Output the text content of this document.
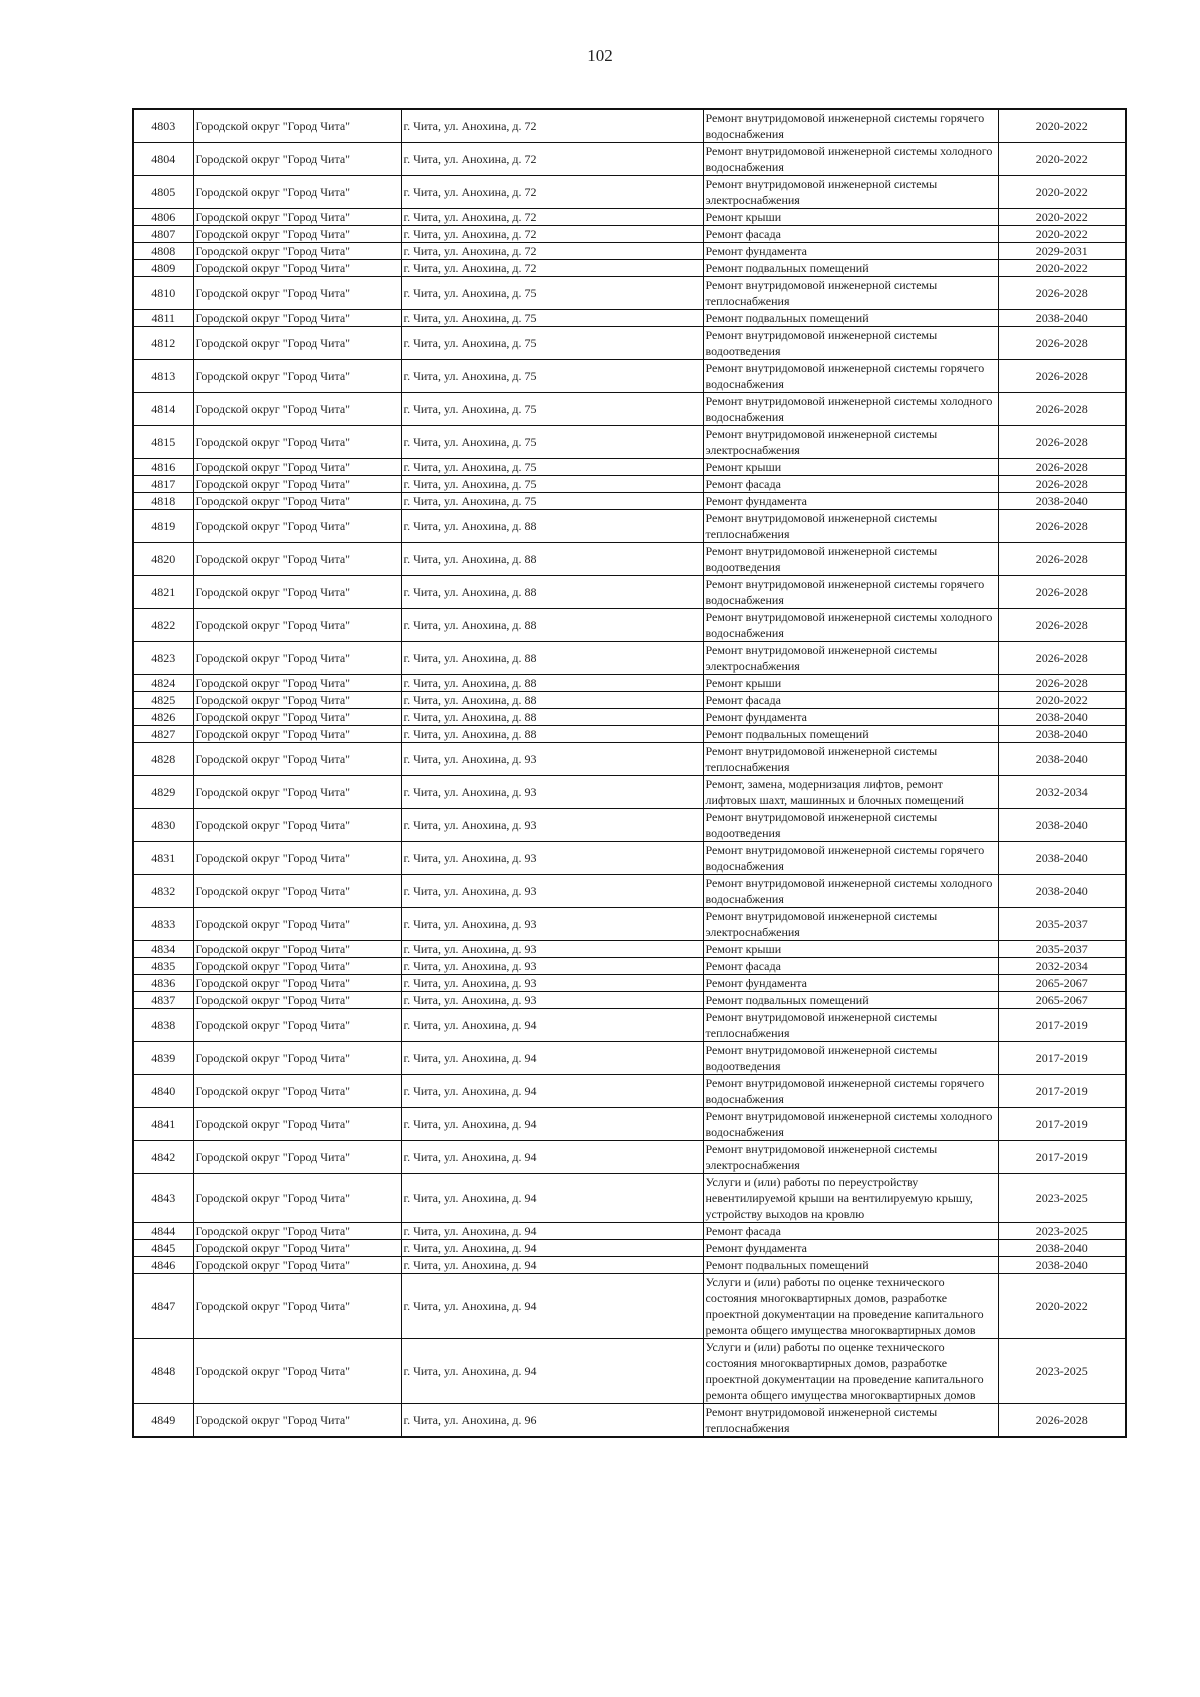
102
4803	Городской округ "Город Чита"	г. Чита, ул. Анохина, д. 72	Ремонт внутридомовой инженерной системы горячего водоснабжения	2020-2022
4804	Городской округ "Город Чита"	г. Чита, ул. Анохина, д. 72	Ремонт внутридомовой инженерной системы холодного водоснабжения	2020-2022
4805	Городской округ "Город Чита"	г. Чита, ул. Анохина, д. 72	Ремонт внутридомовой инженерной системы электроснабжения	2020-2022
4806	Городской округ "Город Чита"	г. Чита, ул. Анохина, д. 72	Ремонт крыши	2020-2022
4807	Городской округ "Город Чита"	г. Чита, ул. Анохина, д. 72	Ремонт фасада	2020-2022
4808	Городской округ "Город Чита"	г. Чита, ул. Анохина, д. 72	Ремонт фундамента	2029-2031
4809	Городской округ "Город Чита"	г. Чита, ул. Анохина, д. 72	Ремонт подвальных помещений	2020-2022
4810	Городской округ "Город Чита"	г. Чита, ул. Анохина, д. 75	Ремонт внутридомовой инженерной системы теплоснабжения	2026-2028
4811	Городской округ "Город Чита"	г. Чита, ул. Анохина, д. 75	Ремонт подвальных помещений	2038-2040
4812	Городской округ "Город Чита"	г. Чита, ул. Анохина, д. 75	Ремонт внутридомовой инженерной системы водоотведения	2026-2028
4813	Городской округ "Город Чита"	г. Чита, ул. Анохина, д. 75	Ремонт внутридомовой инженерной системы горячего водоснабжения	2026-2028
4814	Городской округ "Город Чита"	г. Чита, ул. Анохина, д. 75	Ремонт внутридомовой инженерной системы холодного водоснабжения	2026-2028
4815	Городской округ "Город Чита"	г. Чита, ул. Анохина, д. 75	Ремонт внутридомовой инженерной системы электроснабжения	2026-2028
4816	Городской округ "Город Чита"	г. Чита, ул. Анохина, д. 75	Ремонт крыши	2026-2028
4817	Городской округ "Город Чита"	г. Чита, ул. Анохина, д. 75	Ремонт фасада	2026-2028
4818	Городской округ "Город Чита"	г. Чита, ул. Анохина, д. 75	Ремонт фундамента	2038-2040
4819	Городской округ "Город Чита"	г. Чита, ул. Анохина, д. 88	Ремонт внутридомовой инженерной системы теплоснабжения	2026-2028
4820	Городской округ "Город Чита"	г. Чита, ул. Анохина, д. 88	Ремонт внутридомовой инженерной системы водоотведения	2026-2028
4821	Городской округ "Город Чита"	г. Чита, ул. Анохина, д. 88	Ремонт внутридомовой инженерной системы горячего водоснабжения	2026-2028
4822	Городской округ "Город Чита"	г. Чита, ул. Анохина, д. 88	Ремонт внутридомовой инженерной системы холодного водоснабжения	2026-2028
4823	Городской округ "Город Чита"	г. Чита, ул. Анохина, д. 88	Ремонт внутридомовой инженерной системы электроснабжения	2026-2028
4824	Городской округ "Город Чита"	г. Чита, ул. Анохина, д. 88	Ремонт крыши	2026-2028
4825	Городской округ "Город Чита"	г. Чита, ул. Анохина, д. 88	Ремонт фасада	2020-2022
4826	Городской округ "Город Чита"	г. Чита, ул. Анохина, д. 88	Ремонт фундамента	2038-2040
4827	Городской округ "Город Чита"	г. Чита, ул. Анохина, д. 88	Ремонт подвальных помещений	2038-2040
4828	Городской округ "Город Чита"	г. Чита, ул. Анохина, д. 93	Ремонт внутридомовой инженерной системы теплоснабжения	2038-2040
4829	Городской округ "Город Чита"	г. Чита, ул. Анохина, д. 93	Ремонт, замена, модернизация лифтов, ремонт лифтовых шахт, машинных и блочных помещений	2032-2034
4830	Городской округ "Город Чита"	г. Чита, ул. Анохина, д. 93	Ремонт внутридомовой инженерной системы водоотведения	2038-2040
4831	Городской округ "Город Чита"	г. Чита, ул. Анохина, д. 93	Ремонт внутридомовой инженерной системы горячего водоснабжения	2038-2040
4832	Городской округ "Город Чита"	г. Чита, ул. Анохина, д. 93	Ремонт внутридомовой инженерной системы холодного водоснабжения	2038-2040
4833	Городской округ "Город Чита"	г. Чита, ул. Анохина, д. 93	Ремонт внутридомовой инженерной системы электроснабжения	2035-2037
4834	Городской округ "Город Чита"	г. Чита, ул. Анохина, д. 93	Ремонт крыши	2035-2037
4835	Городской округ "Город Чита"	г. Чита, ул. Анохина, д. 93	Ремонт фасада	2032-2034
4836	Городской округ "Город Чита"	г. Чита, ул. Анохина, д. 93	Ремонт фундамента	2065-2067
4837	Городской округ "Город Чита"	г. Чита, ул. Анохина, д. 93	Ремонт подвальных помещений	2065-2067
4838	Городской округ "Город Чита"	г. Чита, ул. Анохина, д. 94	Ремонт внутридомовой инженерной системы теплоснабжения	2017-2019
4839	Городской округ "Город Чита"	г. Чита, ул. Анохина, д. 94	Ремонт внутридомовой инженерной системы водоотведения	2017-2019
4840	Городской округ "Город Чита"	г. Чита, ул. Анохина, д. 94	Ремонт внутридомовой инженерной системы горячего водоснабжения	2017-2019
4841	Городской округ "Город Чита"	г. Чита, ул. Анохина, д. 94	Ремонт внутридомовой инженерной системы холодного водоснабжения	2017-2019
4842	Городской округ "Город Чита"	г. Чита, ул. Анохина, д. 94	Ремонт внутридомовой инженерной системы электроснабжения	2017-2019
4843	Городской округ "Город Чита"	г. Чита, ул. Анохина, д. 94	Услуги и (или) работы по переустройству невентилируемой крыши на вентилируемую крышу, устройству выходов на кровлю	2023-2025
4844	Городской округ "Город Чита"	г. Чита, ул. Анохина, д. 94	Ремонт фасада	2023-2025
4845	Городской округ "Город Чита"	г. Чита, ул. Анохина, д. 94	Ремонт фундамента	2038-2040
4846	Городской округ "Город Чита"	г. Чита, ул. Анохина, д. 94	Ремонт подвальных помещений	2038-2040
4847	Городской округ "Город Чита"	г. Чита, ул. Анохина, д. 94	Услуги и (или) работы по оценке технического состояния многоквартирных домов, разработке проектной документации на проведение капитального ремонта общего имущества многоквартирных домов	2020-2022
4848	Городской округ "Город Чита"	г. Чита, ул. Анохина, д. 94	Услуги и (или) работы по оценке технического состояния многоквартирных домов, разработке проектной документации на проведение капитального ремонта общего имущества многоквартирных домов	2023-2025
4849	Городской округ "Город Чита"	г. Чита, ул. Анохина, д. 96	Ремонт внутридомовой инженерной системы теплоснабжения	2026-2028
